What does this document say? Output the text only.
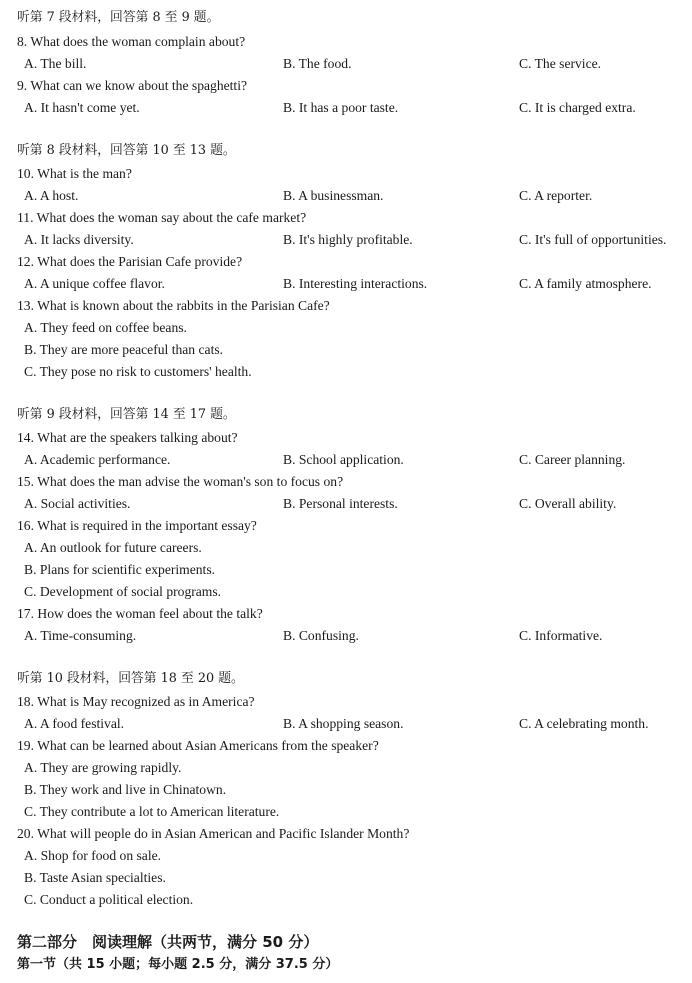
听第 7 段材料，回答第 8 至 9 题。
8. What does the woman complain about?
A. The bill.	B. The food.	C. The service.
9. What can we know about the spaghetti?
A. It hasn't come yet.	B. It has a poor taste.	C. It is charged extra.
听第 8 段材料，回答第 10 至 13 题。
10. What is the man?
A. A host.	B. A businessman.	C. A reporter.
11. What does the woman say about the cafe market?
A. It lacks diversity.	B. It's highly profitable.	C. It's full of opportunities.
12. What does the Parisian Cafe provide?
A. A unique coffee flavor.	B. Interesting interactions.	C. A family atmosphere.
13. What is known about the rabbits in the Parisian Cafe?
A. They feed on coffee beans.
B. They are more peaceful than cats.
C. They pose no risk to customers' health.
听第 9 段材料，回答第 14 至 17 题。
14. What are the speakers talking about?
A. Academic performance.	B. School application.	C. Career planning.
15. What does the man advise the woman's son to focus on?
A. Social activities.	B. Personal interests.	C. Overall ability.
16. What is required in the important essay?
A. An outlook for future careers.
B. Plans for scientific experiments.
C. Development of social programs.
17. How does the woman feel about the talk?
A. Time-consuming.	B. Confusing.	C. Informative.
听第 10 段材料，回答第 18 至 20 题。
18. What is May recognized as in America?
A. A food festival.	B. A shopping season.	C. A celebrating month.
19. What can be learned about Asian Americans from the speaker?
A. They are growing rapidly.
B. They work and live in Chinatown.
C. They contribute a lot to American literature.
20. What will people do in Asian American and Pacific Islander Month?
A. Shop for food on sale.
B. Taste Asian specialties.
C. Conduct a political election.
第二部分　阅读理解（共两节，满分 50 分）
第一节（共 15 小题；每小题 2.5 分，满分 37.5 分）
